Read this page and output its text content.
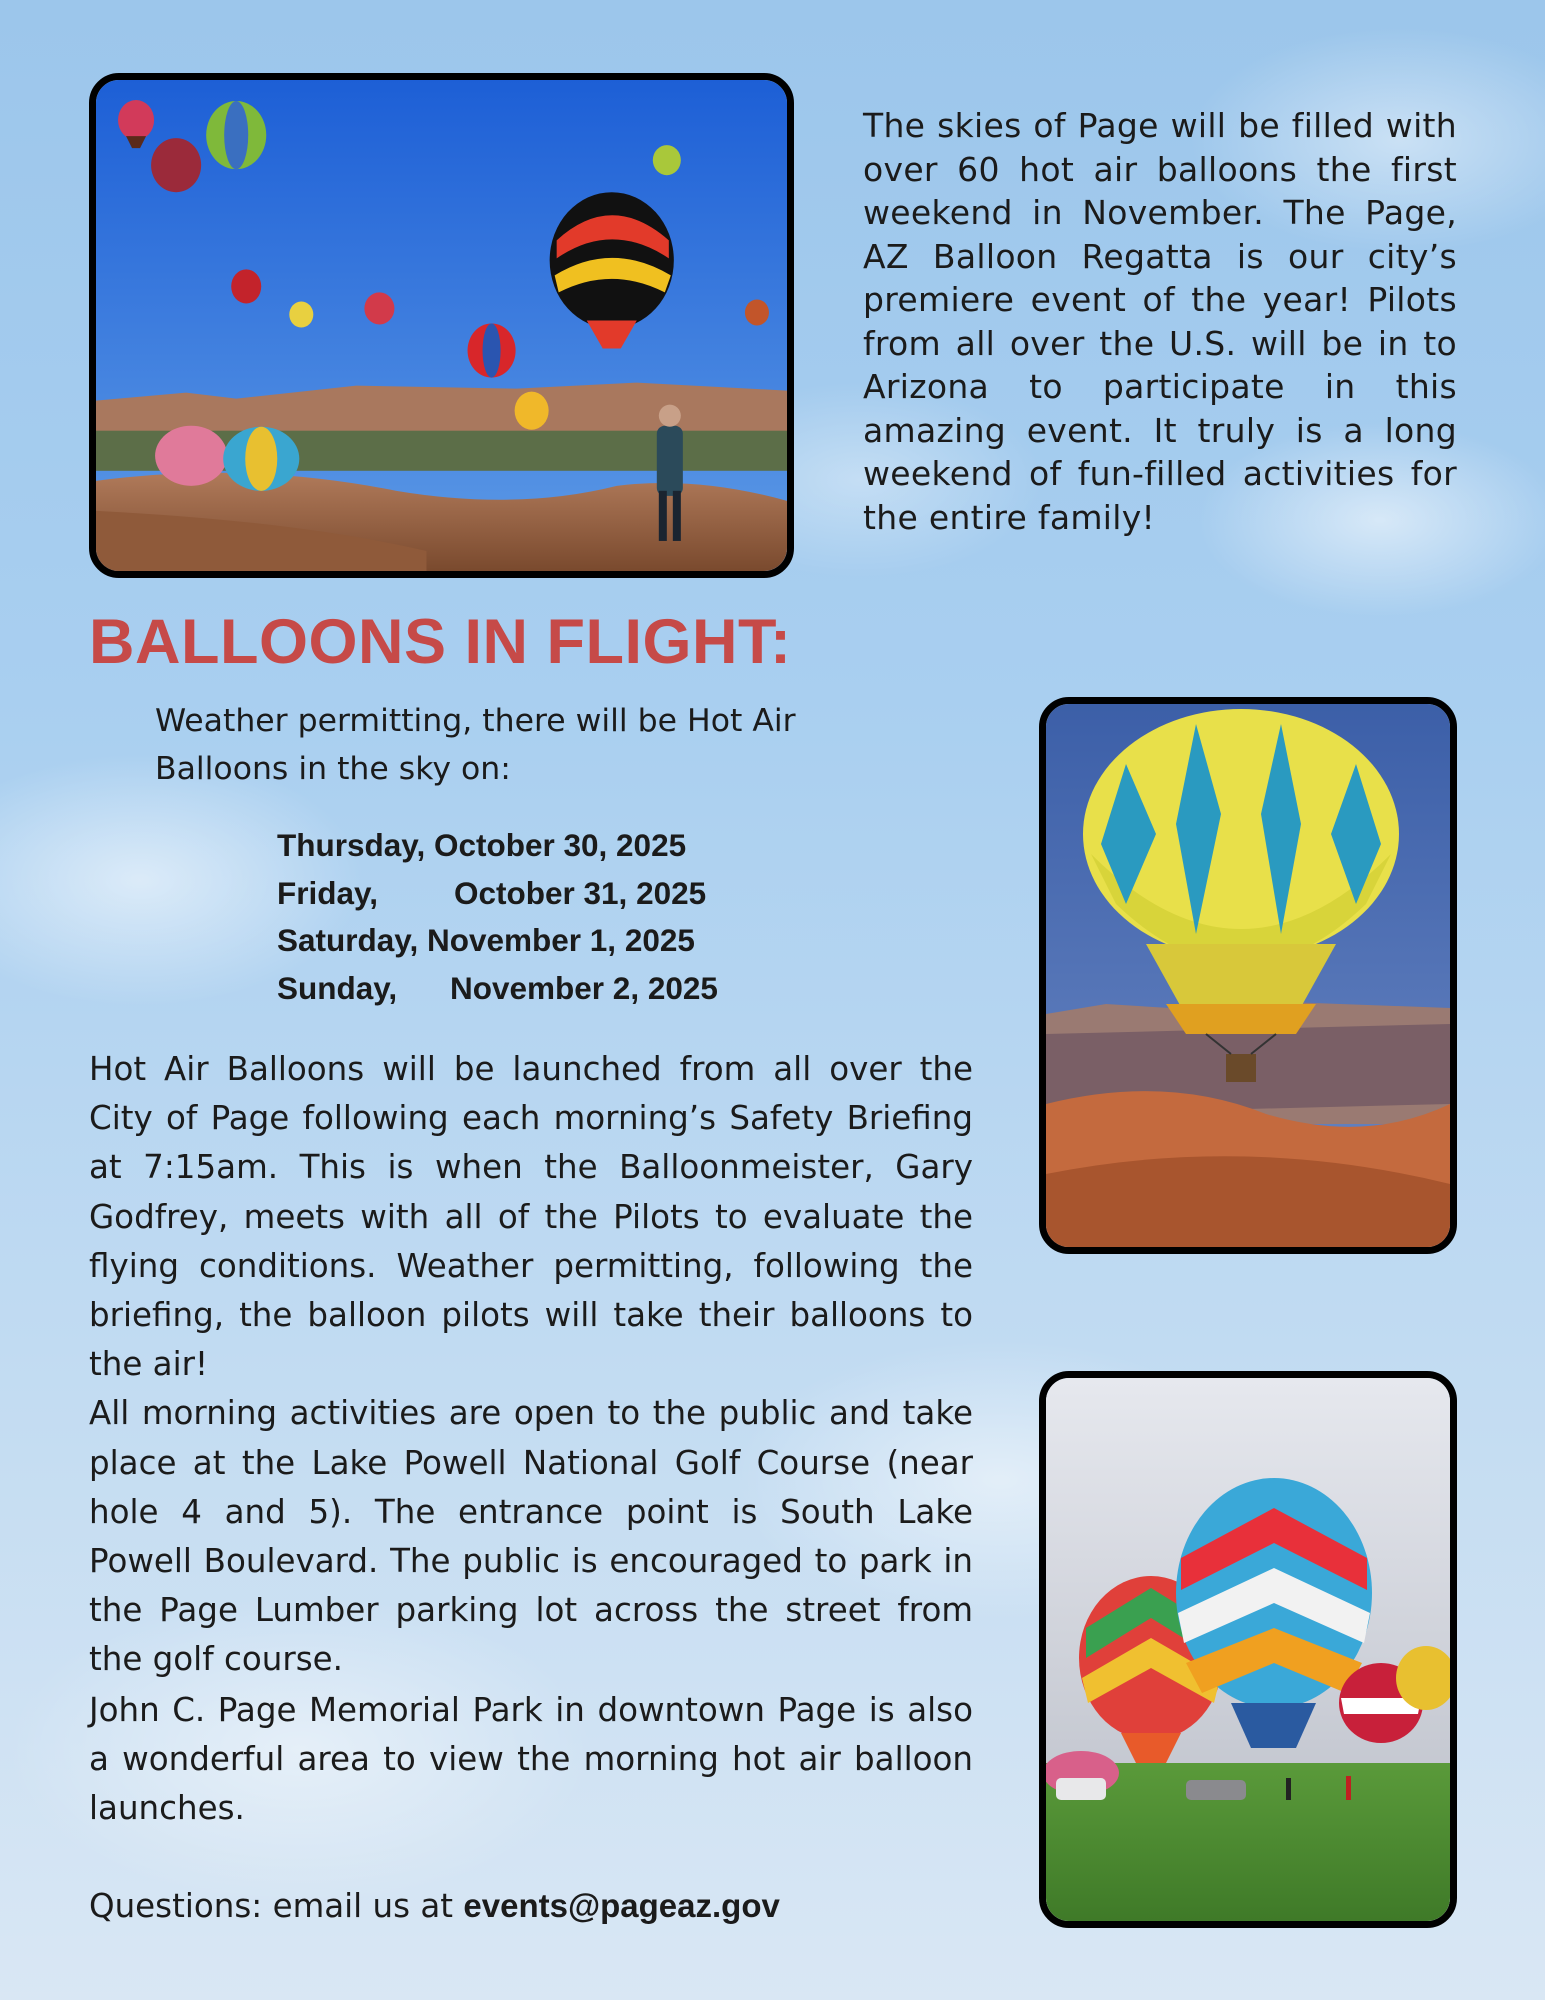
The skies of Page will be filled with over 60 hot air balloons the first weekend in November. The Page, AZ Balloon Regatta is our city’s premiere event of the year! Pilots from all over the U.S. will be in to Arizona to participate in this amazing event. It truly is a long weekend of fun-filled activities for the entire family!
BALLOONS IN FLIGHT:
Weather permitting, there will be Hot Air Balloons in the sky on:
Thursday, October 30, 2025
Friday, October 31, 2025
Saturday, November 1, 2025
Sunday, November 2, 2025

Hot Air Balloons will be launched from all over the City of Page following each morning’s Safety Briefing at 7:15am. This is when the Balloonmeister, Gary Godfrey, meets with all of the Pilots to evaluate the flying conditions. Weather permitting, following the briefing, the balloon pilots will take their balloons to the air!

All morning activities are open to the public and take place at the Lake Powell National Golf Course (near hole 4 and 5). The entrance point is South Lake Powell Boulevard. The public is encouraged to park in the Page Lumber parking lot across the street from the golf course.

John C. Page Memorial Park in downtown Page is also a wonderful area to view the morning hot air balloon launches.

Questions: email us at events@pageaz.gov
